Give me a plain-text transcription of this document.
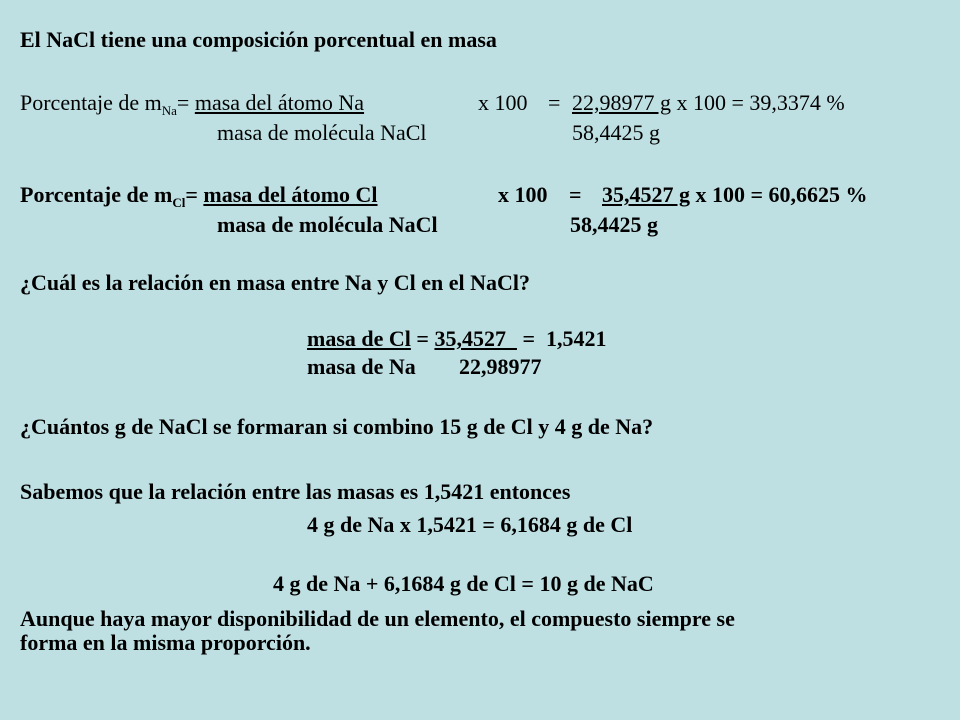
El NaCl tiene una composición porcentual en masa
Porcentaje de $m_{Na}=$ masa del átomo Na	x 100 = 22,98977 g x 100 = 39,3374 %
masa de molécula NaCl	58,4425 g
Porcentaje de $m_{Cl}=$ masa del átomo Cl	x 100 = 35,4527 g x 100 = 60,6625 %
masa de molécula NaCl	58,4425 g
¿Cuál es la relación en masa entre Na y Cl en el NaCl?
masa de Cl = 35,4527   =  1,5421
masa de Na 22,98977
¿Cuántos g de NaCl se formaran si combino 15 g de Cl y 4 g de Na?
Sabemos que la relación entre las masas es 1,5421 entonces
4 g de Na x 1,5421 = 6,1684 g de Cl
4 g de Na + 6,1684 g de Cl = 10 g de NaC
Aunque haya mayor disponibilidad de un elemento, el compuesto siempre se
forma en la misma proporción.
